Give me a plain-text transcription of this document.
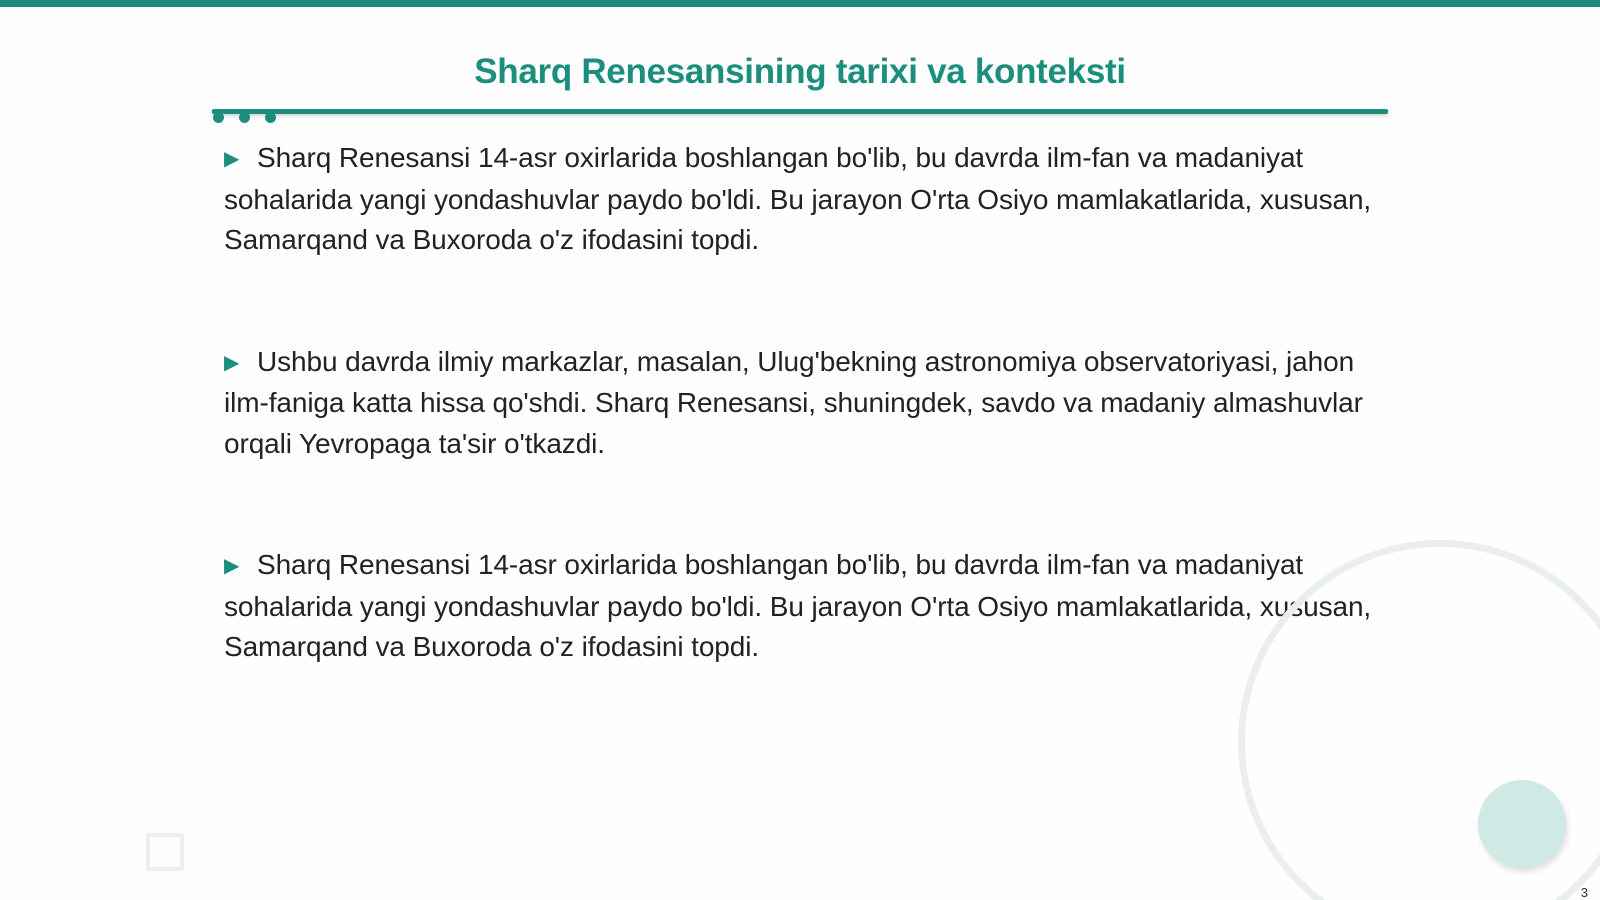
Sharq Renesansining tarixi va konteksti

▶ Sharq Renesansi 14-asr oxirlarida boshlangan bo'lib, bu davrda ilm-fan va madaniyat sohalarida yangi yondashuvlar paydo bo'ldi. Bu jarayon O'rta Osiyo mamlakatlarida, xususan, Samarqand va Buxoroda o'z ifodasini topdi.

▶ Ushbu davrda ilmiy markazlar, masalan, Ulug'bekning astronomiya observatoriyasi, jahon ilm-faniga katta hissa qo'shdi. Sharq Renesansi, shuningdek, savdo va madaniy almashuvlar orqali Yevropaga ta'sir o'tkazdi.

▶ Sharq Renesansi 14-asr oxirlarida boshlangan bo'lib, bu davrda ilm-fan va madaniyat sohalarida yangi yondashuvlar paydo bo'ldi. Bu jarayon O'rta Osiyo mamlakatlarida, xususan, Samarqand va Buxoroda o'z ifodasini topdi.

3
